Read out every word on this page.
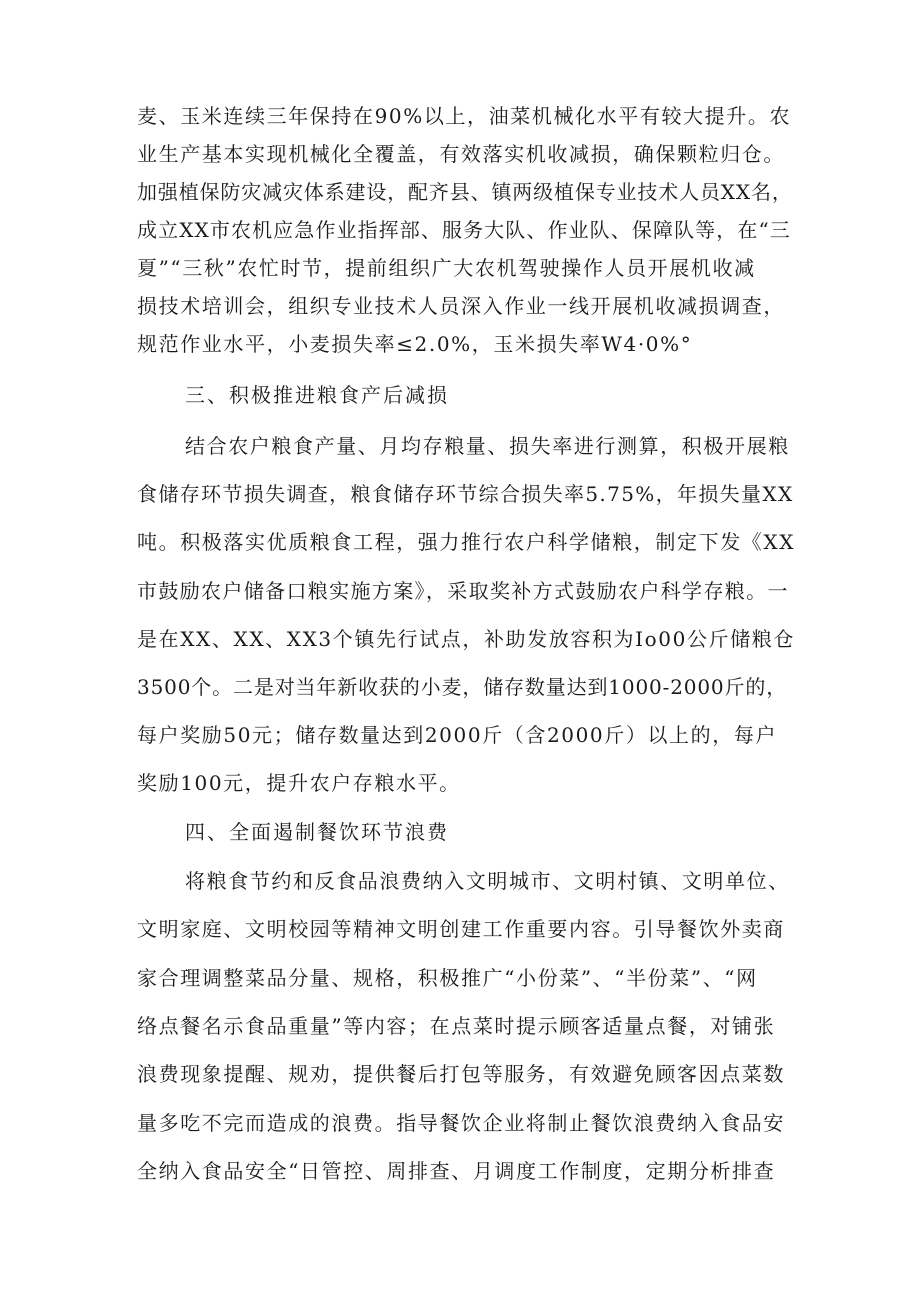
麦、玉米连续三年保持在90%以上，油菜机械化水平有较大提升。农
业生产基本实现机械化全覆盖，有效落实机收减损，确保颗粒归仓。
加强植保防灾减灾体系建设，配齐县、镇两级植保专业技术人员XX名，
成立XX市农机应急作业指挥部、服务大队、作业队、保障队等，在“三
夏”“三秋”农忙时节，提前组织广大农机驾驶操作人员开展机收减
损技术培训会，组织专业技术人员深入作业一线开展机收减损调查，
规范作业水平，小麦损失率≤2.0%，玉米损失率W4·0%°
三、积极推进粮食产后减损
结合农户粮食产量、月均存粮量、损失率进行测算，积极开展粮
食储存环节损失调查，粮食储存环节综合损失率5.75%，年损失量XX
吨。积极落实优质粮食工程，强力推行农户科学储粮，制定下发《XX
市鼓励农户储备口粮实施方案》，采取奖补方式鼓励农户科学存粮。一
是在XX、XX、XX3个镇先行试点，补助发放容积为Io00公斤储粮仓
3500个。二是对当年新收获的小麦，储存数量达到1000-2000斤的，
每户奖励50元；储存数量达到2000斤（含2000斤）以上的，每户
奖励100元，提升农户存粮水平。
四、全面遏制餐饮环节浪费
将粮食节约和反食品浪费纳入文明城市、文明村镇、文明单位、
文明家庭、文明校园等精神文明创建工作重要内容。引导餐饮外卖商
家合理调整菜品分量、规格，积极推广“小份菜”、“半份菜”、“网
络点餐名示食品重量”等内容；在点菜时提示顾客适量点餐，对铺张
浪费现象提醒、规劝，提供餐后打包等服务，有效避免顾客因点菜数
量多吃不完而造成的浪费。指导餐饮企业将制止餐饮浪费纳入食品安
全纳入食品安全“日管控、周排查、月调度工作制度，定期分析排查
